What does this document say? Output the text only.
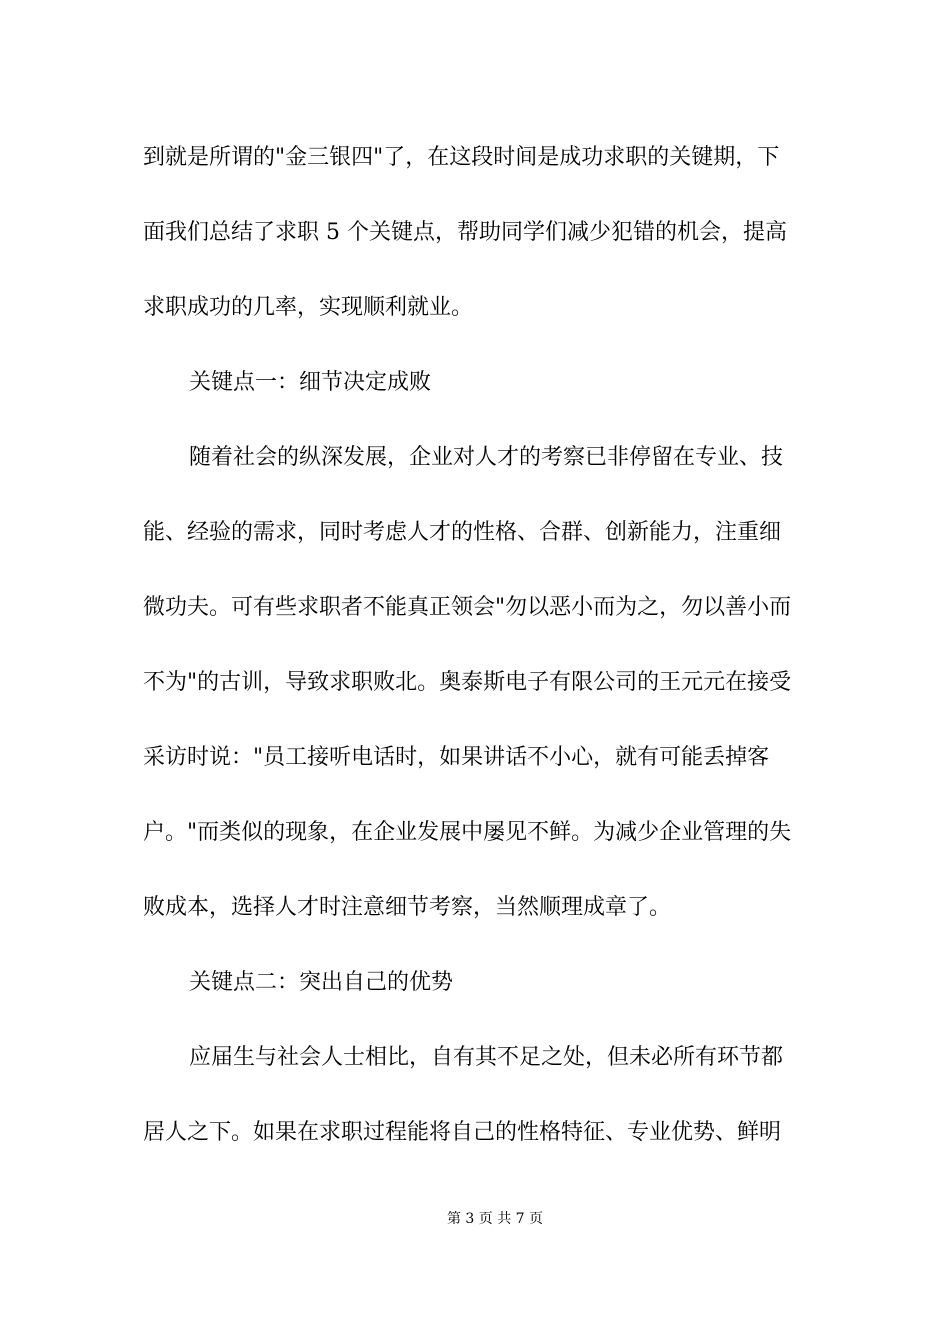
到就是所谓的"金三银四"了，在这段时间是成功求职的关键期，下

面我们总结了求职 5 个关键点，帮助同学们减少犯错的机会，提高

求职成功的几率，实现顺利就业。

关键点一：细节决定成败

随着社会的纵深发展，企业对人才的考察已非停留在专业、技

能、经验的需求，同时考虑人才的性格、合群、创新能力，注重细

微功夫。可有些求职者不能真正领会"勿以恶小而为之，勿以善小而

不为"的古训，导致求职败北。奥泰斯电子有限公司的王元元在接受

采访时说："员工接听电话时，如果讲话不小心，就有可能丢掉客

户。"而类似的现象，在企业发展中屡见不鲜。为减少企业管理的失

败成本，选择人才时注意细节考察，当然顺理成章了。

关键点二：突出自己的优势

应届生与社会人士相比，自有其不足之处，但未必所有环节都

居人之下。如果在求职过程能将自己的性格特征、专业优势、鲜明

第 3 页 共 7 页
